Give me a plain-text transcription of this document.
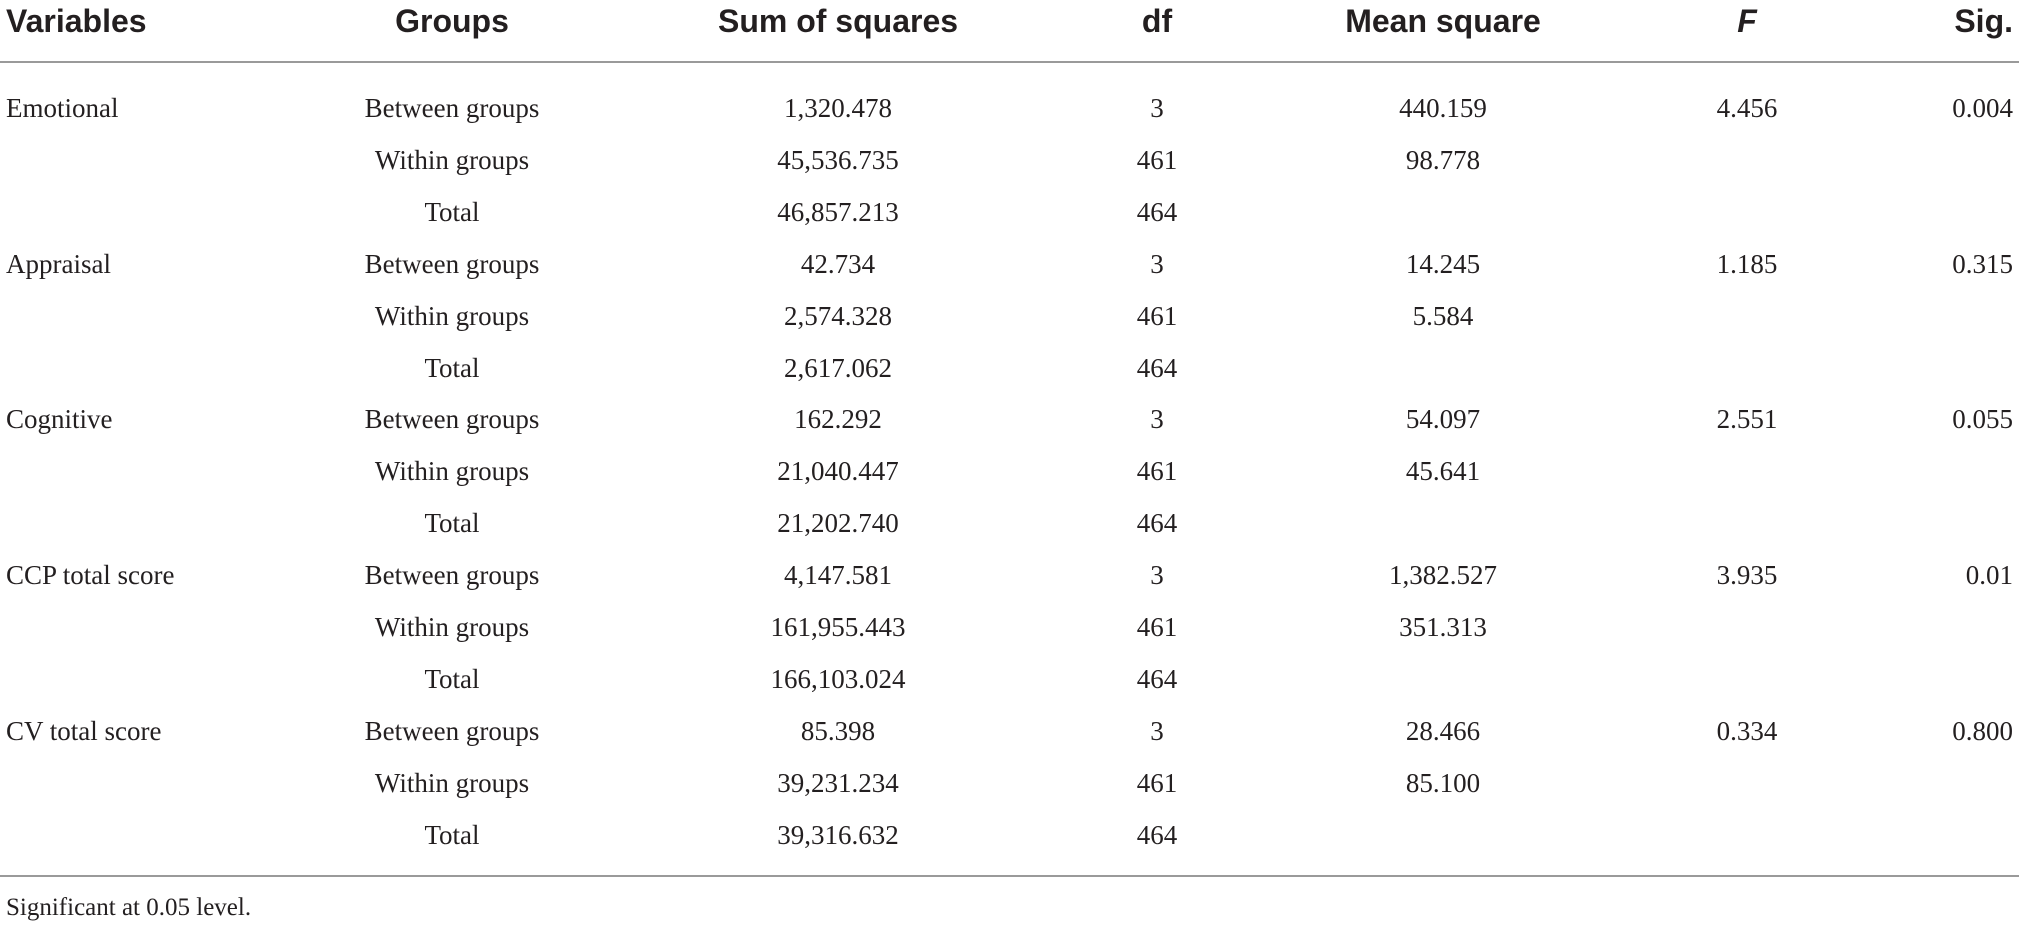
Variables	Groups	Sum of squares	df	Mean square	F	Sig.
Emotional	Between groups	1,320.478	3	440.159	4.456	0.004
Within groups	45,536.735	461	98.778
Total	46,857.213	464
Appraisal	Between groups	42.734	3	14.245	1.185	0.315
Within groups	2,574.328	461	5.584
Total	2,617.062	464
Cognitive	Between groups	162.292	3	54.097	2.551	0.055
Within groups	21,040.447	461	45.641
Total	21,202.740	464
CCP total score	Between groups	4,147.581	3	1,382.527	3.935	0.01
Within groups	161,955.443	461	351.313
Total	166,103.024	464
CV total score	Between groups	85.398	3	28.466	0.334	0.800
Within groups	39,231.234	461	85.100
Total	39,316.632	464
Significant at 0.05 level.
